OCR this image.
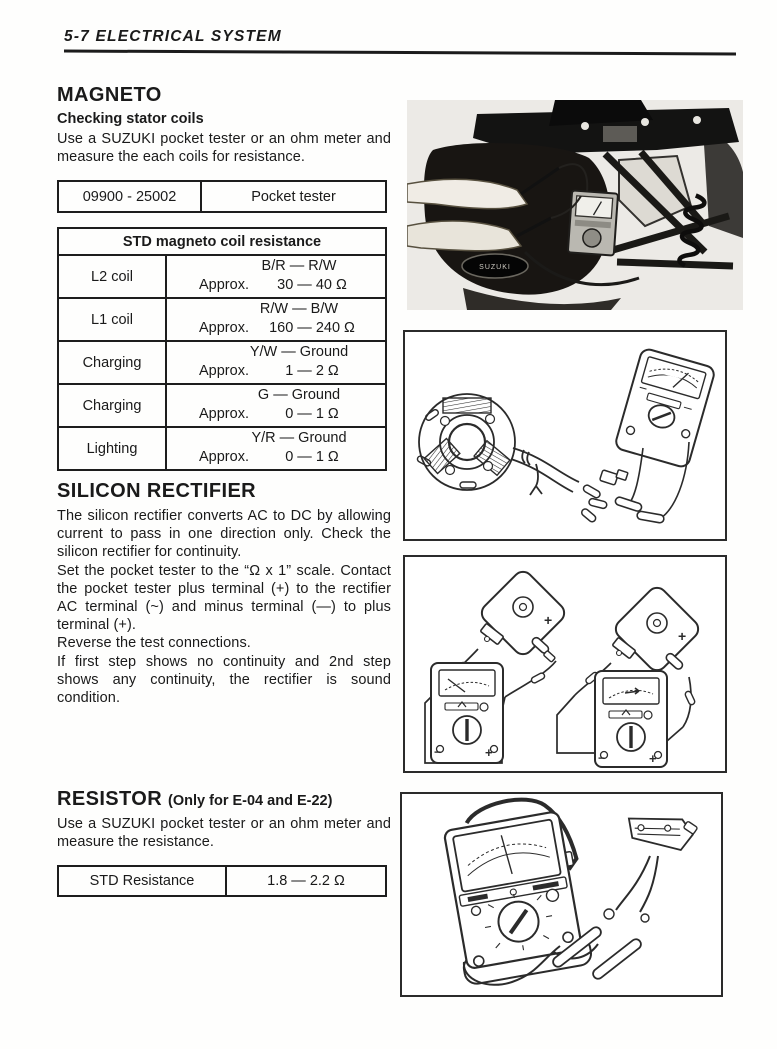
5-7 ELECTRICAL SYSTEM
MAGNETO
Checking stator coils

Use a SUZUKI pocket tester or an ohm meter and measure the each coils for resistance.

09900 - 25002	Pocket tester
STD magneto coil resistance	
L2 coil	B/R — R/W
Approx. 30 — 40 Ω

L1 coil	R/W — B/W
Approx. 160 — 240 Ω

Charging	Y/W — Ground
Approx. 1 — 2 Ω

Charging	G — Ground
Approx. 0 — 1 Ω

Lighting	Y/R — Ground
Approx. 0 — 1 Ω
SILICON RECTIFIER

The silicon rectifier converts AC to DC by allowing current to pass in one direction only. Check the silicon rectifier for continuity.

Set the pocket tester to the “Ω x 1” scale. Contact the pocket tester plus terminal (+) to the rectifier AC terminal (~) and minus terminal (—) to plus terminal (+).

Reverse the test connections.

If first step shows no continuity and 2nd step shows any continuity, the rectifier is sound condition.

RESISTOR (Only for E-04 and E-22)

Use a SUZUKI pocket tester or an ohm meter and measure the resistance.

STD Resistance	1.8 — 2.2 Ω
SUZUKI
+
−	+
+
−	+
